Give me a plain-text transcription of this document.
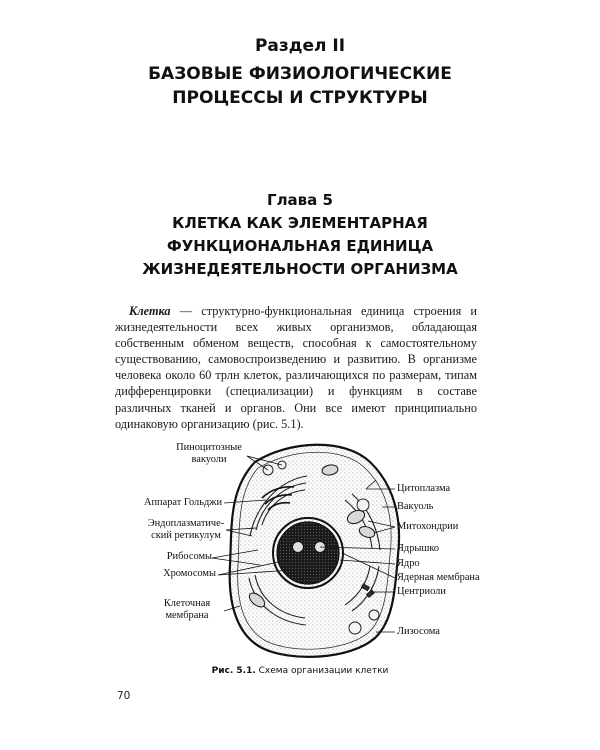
Раздел II
БАЗОВЫЕ ФИЗИОЛОГИЧЕСКИЕ
ПРОЦЕССЫ И СТРУКТУРЫ
Глава 5
КЛЕТКА КАК ЭЛЕМЕНТАРНАЯ
ФУНКЦИОНАЛЬНАЯ ЕДИНИЦА
ЖИЗНЕДЕЯТЕЛЬНОСТИ ОРГАНИЗМА

Клетка — структурно-функциональная единица строения и жизнедеятельности всех живых организмов, обладающая собственным обменом веществ, способная к самостоятельному существованию, самовоспроизведению и развитию. В организме человека около 60 трлн клеток, различающихся по размерам, типам дифференцировки (специализации) и функциям в составе различных тканей и органов. Они все имеют принципиально одинаковую организацию (рис. 5.1).

Пиноцитозные
вакуоли
Аппарат Гольджи
Эндоплазматиче-
ский ретикулум
Рибосомы
Хромосомы
Клеточная
мембрана
Цитоплазма
Вакуоль
Митохондрии
Ядрышко
Ядро
Ядерная мембрана
Центриоли
Лизосома
Рис. 5.1. Схема организации клетки
70
